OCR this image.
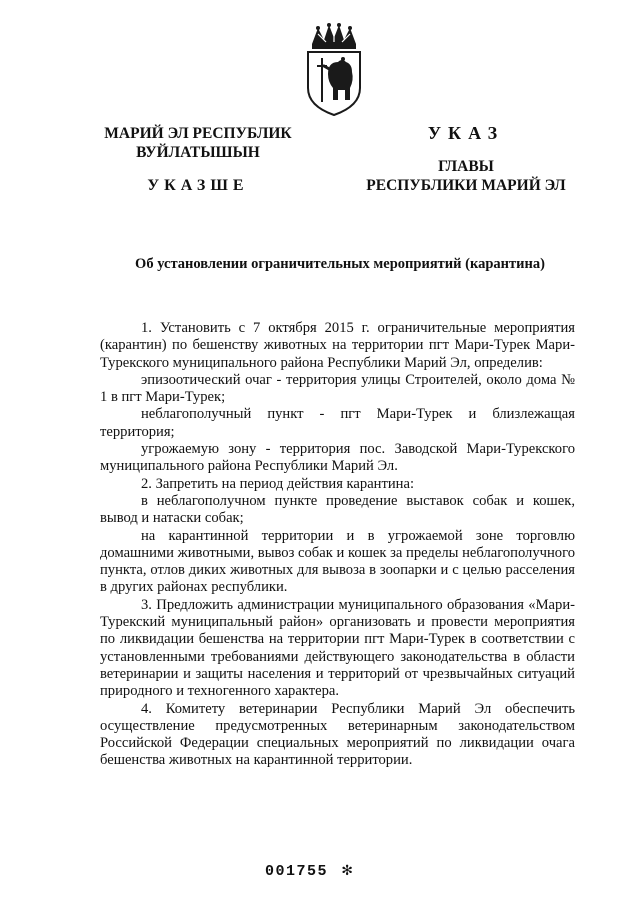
МАРИЙ ЭЛ РЕСПУБЛИК
ВУЙЛАТЫШЫН
УКАЗШЕ
УКАЗ
ГЛАВЫ
РЕСПУБЛИКИ МАРИЙ ЭЛ
Об установлении ограничительных мероприятий (карантина)

1. Установить с 7 октября 2015 г. ограничительные мероприятия (карантин) по бешенству животных на территории пгт Мари-Турек Мари-Турекского муниципального района Республики Марий Эл, определив:

эпизоотический очаг - территория улицы Строителей, около дома № 1 в пгт Мари-Турек;

неблагополучный пункт - пгт Мари-Турек и близлежащая территория;

угрожаемую зону - территория пос. Заводской Мари-Турекского муниципального района Республики Марий Эл.

2. Запретить на период действия карантина:

в неблагополучном пункте проведение выставок собак и кошек, вывод и натаски собак;

на карантинной территории и в угрожаемой зоне торговлю домашними животными, вывоз собак и кошек за пределы неблагополучного пункта, отлов диких животных для вывоза в зоопарки и с целью расселения в других районах республики.

3. Предложить администрации муниципального образования «Мари-Турекский муниципальный район» организовать и провести мероприятия по ликвидации бешенства на территории пгт Мари-Турек в соответствии с установленными требованиями действующего законодательства в области ветеринарии и защиты населения и территорий от чрезвычайных ситуаций природного и техногенного характера.

4. Комитету ветеринарии Республики Марий Эл обеспечить осуществление предусмотренных ветеринарным законодательством Российской Федерации специальных мероприятий по ликвидации очага бешенства животных на карантинной территории.

001755 ✻
